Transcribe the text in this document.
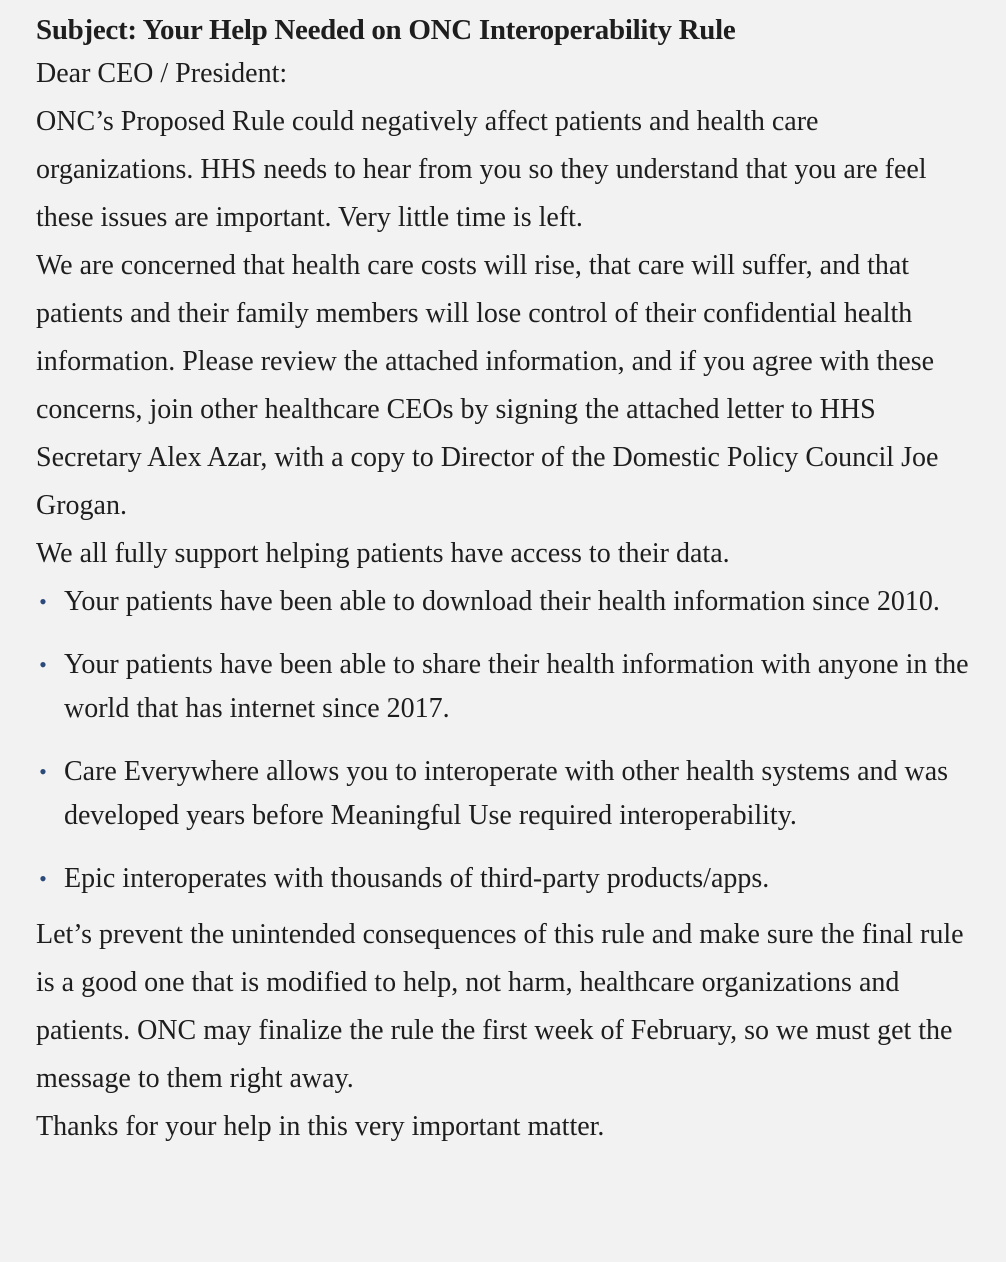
Subject: Your Help Needed on ONC Interoperability Rule

Dear CEO / President:

ONC’s Proposed Rule could negatively affect patients and health care organizations. HHS needs to hear from you so they understand that you are feel these issues are important. Very little time is left.

We are concerned that health care costs will rise, that care will suffer, and that patients and their family members will lose control of their confidential health information. Please review the attached information, and if you agree with these concerns, join other healthcare CEOs by signing the attached letter to HHS Secretary Alex Azar, with a copy to Director of the Domestic Policy Council Joe Grogan.

We all fully support helping patients have access to their data.

• Your patients have been able to download their health information since 2010.
• Your patients have been able to share their health information with anyone in the world that has internet since 2017.
• Care Everywhere allows you to interoperate with other health systems and was developed years before Meaningful Use required interoperability.
• Epic interoperates with thousands of third-party products/apps.

Let’s prevent the unintended consequences of this rule and make sure the final rule is a good one that is modified to help, not harm, healthcare organizations and patients. ONC may finalize the rule the first week of February, so we must get the message to them right away.

Thanks for your help in this very important matter.
